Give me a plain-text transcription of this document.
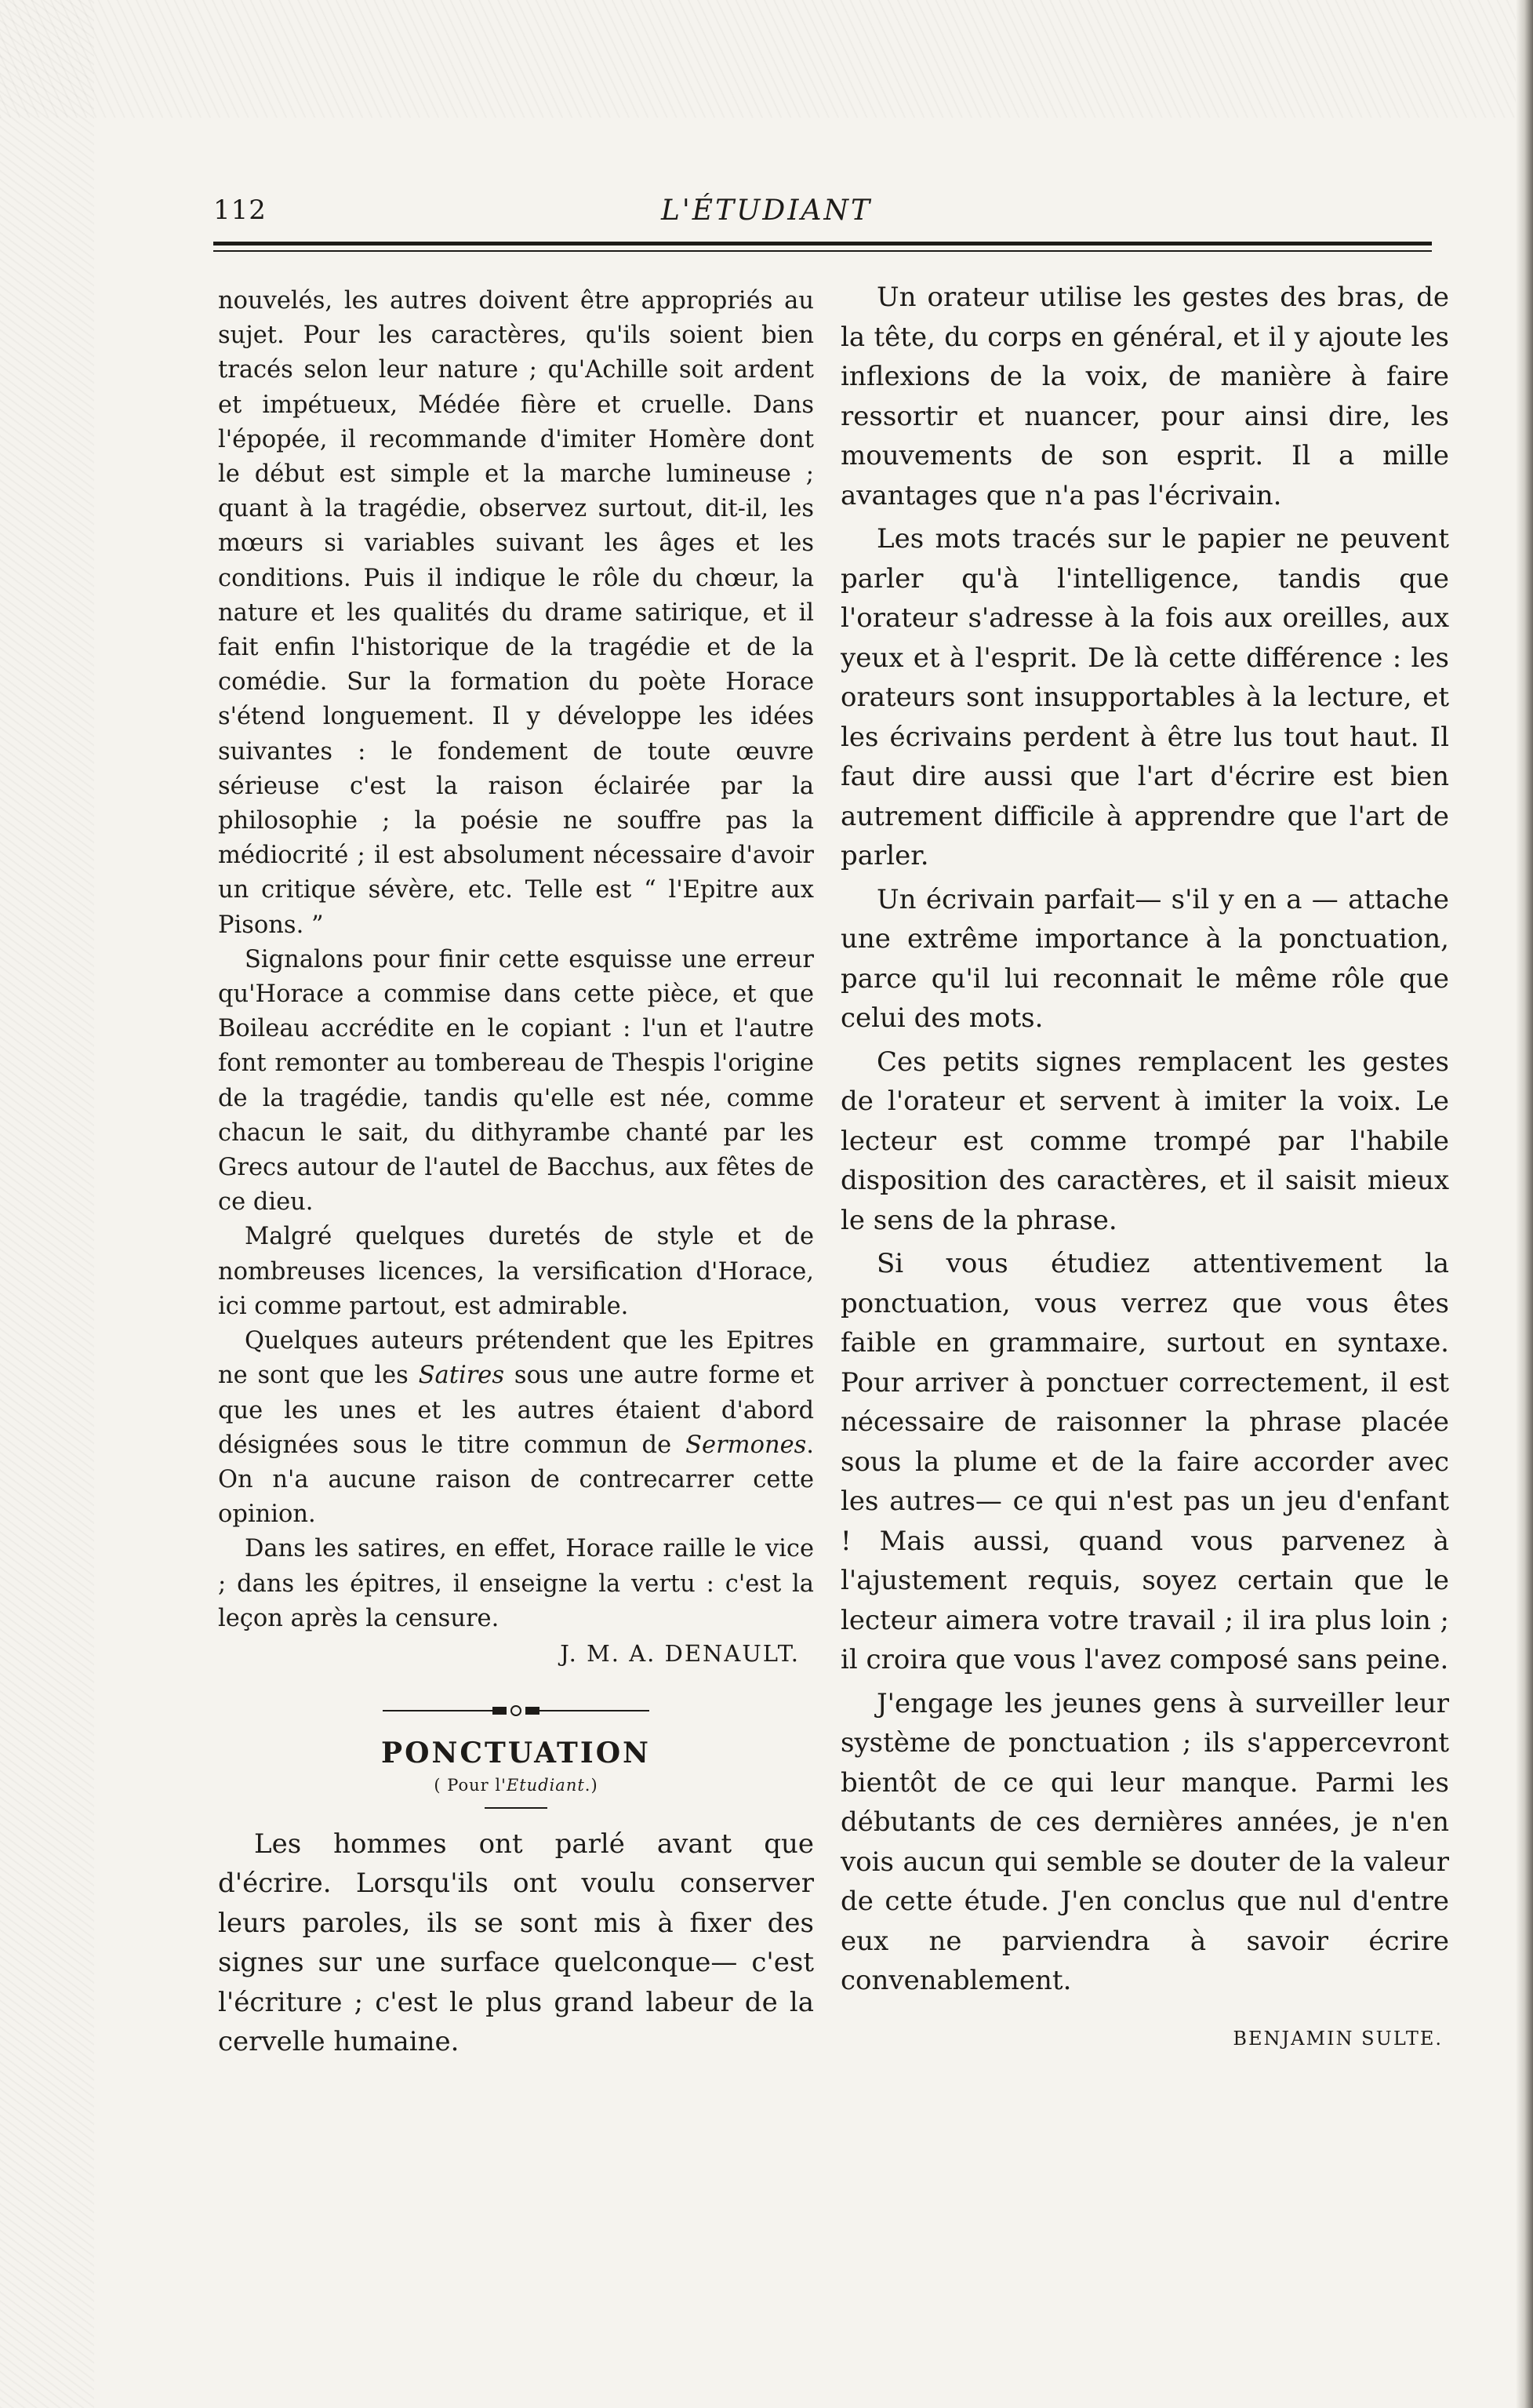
112	L'ÉTUDIANT

nouvelés, les autres doivent être appropriés au sujet. Pour les caractères, qu'ils soient bien tracés selon leur nature ; qu'Achille soit ardent et impétueux, Médée fière et cruelle. Dans l'épopée, il recommande d'imiter Homère dont le début est simple et la marche lumineuse ; quant à la tragédie, observez surtout, dit-il, les mœurs si variables suivant les âges et les conditions. Puis il indique le rôle du chœur, la nature et les qualités du drame satirique, et il fait enfin l'historique de la tragédie et de la comédie. Sur la formation du poète Horace s'étend longuement. Il y développe les idées suivantes : le fondement de toute œuvre sérieuse c'est la raison éclairée par la philosophie ; la poésie ne souffre pas la médiocrité ; il est absolument nécessaire d'avoir un critique sévère, etc. Telle est “ l'Epitre aux Pisons. ”

Signalons pour finir cette esquisse une erreur qu'Horace a commise dans cette pièce, et que Boileau accrédite en le copiant : l'un et l'autre font remonter au tombereau de Thespis l'origine de la tragédie, tandis qu'elle est née, comme chacun le sait, du dithyrambe chanté par les Grecs autour de l'autel de Bacchus, aux fêtes de ce dieu.

Malgré quelques duretés de style et de nombreuses licences, la versification d'Horace, ici comme partout, est admirable.

Quelques auteurs prétendent que les Epitres ne sont que les Satires sous une autre forme et que les unes et les autres étaient d'abord désignées sous le titre commun de Sermones. On n'a aucune raison de contrecarrer cette opinion.

Dans les satires, en effet, Horace raille le vice ; dans les épitres, il enseigne la vertu : c'est la leçon après la censure.

J. M. A. DENAULT.

PONCTUATION

( Pour l'Etudiant.)

Les hommes ont parlé avant que d'écrire. Lorsqu'ils ont voulu conserver leurs paroles, ils se sont mis à fixer des signes sur une surface quelconque— c'est l'écriture ; c'est le plus grand labeur de la cervelle humaine.

Un orateur utilise les gestes des bras, de la tête, du corps en général, et il y ajoute les inflexions de la voix, de manière à faire ressortir et nuancer, pour ainsi dire, les mouvements de son esprit. Il a mille avantages que n'a pas l'écrivain.

Les mots tracés sur le papier ne peuvent parler qu'à l'intelligence, tandis que l'orateur s'adresse à la fois aux oreilles, aux yeux et à l'esprit. De là cette différence : les orateurs sont insupportables à la lecture, et les écrivains perdent à être lus tout haut. Il faut dire aussi que l'art d'écrire est bien autrement difficile à apprendre que l'art de parler.

Un écrivain parfait— s'il y en a — attache une extrême importance à la ponctuation, parce qu'il lui reconnait le même rôle que celui des mots.

Ces petits signes remplacent les gestes de l'orateur et servent à imiter la voix. Le lecteur est comme trompé par l'habile disposition des caractères, et il saisit mieux le sens de la phrase.

Si vous étudiez attentivement la ponctuation, vous verrez que vous êtes faible en grammaire, surtout en syntaxe. Pour arriver à ponctuer correctement, il est nécessaire de raisonner la phrase placée sous la plume et de la faire accorder avec les autres— ce qui n'est pas un jeu d'enfant ! Mais aussi, quand vous parvenez à l'ajustement requis, soyez certain que le lecteur aimera votre travail ; il ira plus loin ; il croira que vous l'avez composé sans peine.

J'engage les jeunes gens à surveiller leur système de ponctuation ; ils s'appercevront bientôt de ce qui leur manque. Parmi les débutants de ces dernières années, je n'en vois aucun qui semble se douter de la valeur de cette étude. J'en conclus que nul d'entre eux ne parviendra à savoir écrire convenablement.

BENJAMIN SULTE.
